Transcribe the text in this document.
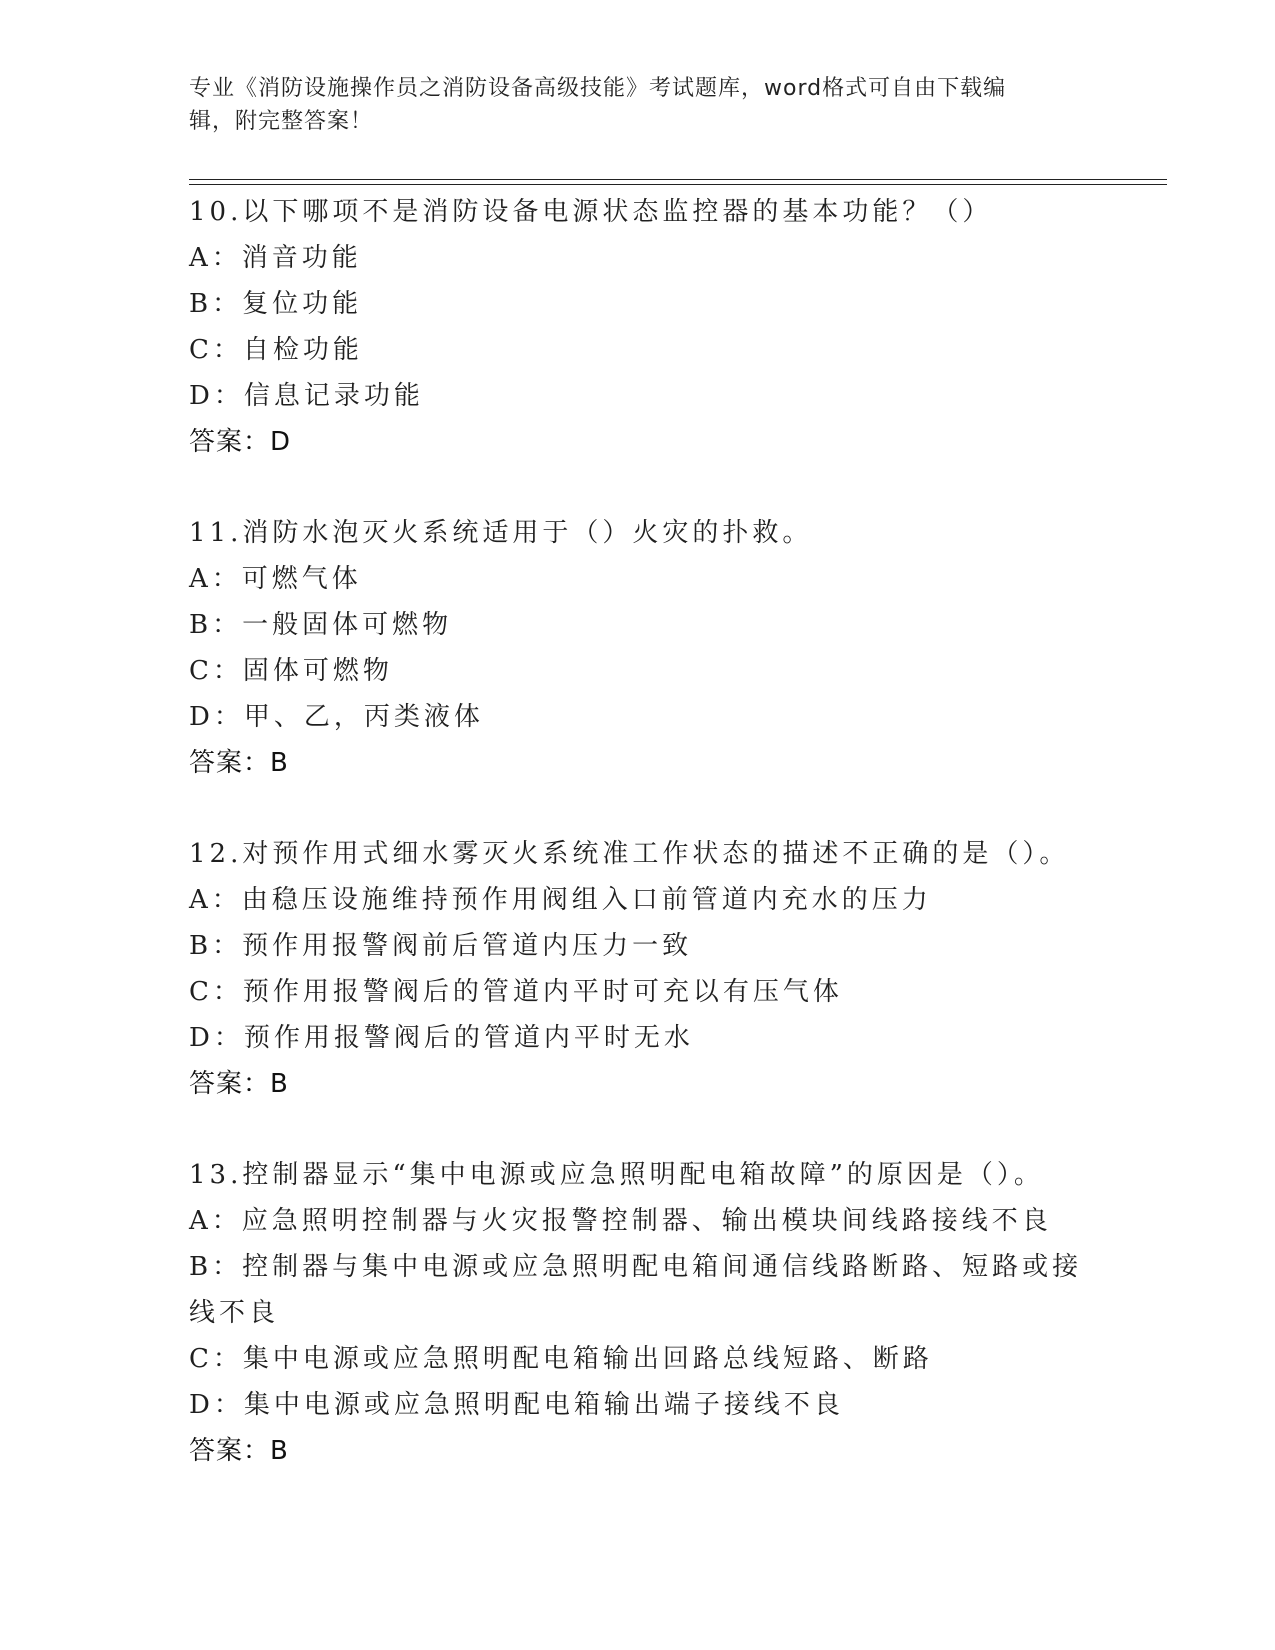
专业《消防设施操作员之消防设备高级技能》考试题库，word格式可自由下载编
辑，附完整答案！
10.以下哪项不是消防设备电源状态监控器的基本功能？（）
A：消音功能
B：复位功能
C：自检功能
D：信息记录功能
答案：D
11.消防水泡灭火系统适用于（）火灾的扑救。
A：可燃气体
B：一般固体可燃物
C：固体可燃物
D：甲、乙，丙类液体
答案：B
12.对预作用式细水雾灭火系统准工作状态的描述不正确的是（）。
A：由稳压设施维持预作用阀组入口前管道内充水的压力
B：预作用报警阀前后管道内压力一致
C：预作用报警阀后的管道内平时可充以有压气体
D：预作用报警阀后的管道内平时无水
答案：B
13.控制器显示“集中电源或应急照明配电箱故障”的原因是（）。
A：应急照明控制器与火灾报警控制器、输出模块间线路接线不良
B：控制器与集中电源或应急照明配电箱间通信线路断路、短路或接线不良
C：集中电源或应急照明配电箱输出回路总线短路、断路
D：集中电源或应急照明配电箱输出端子接线不良
答案：B
